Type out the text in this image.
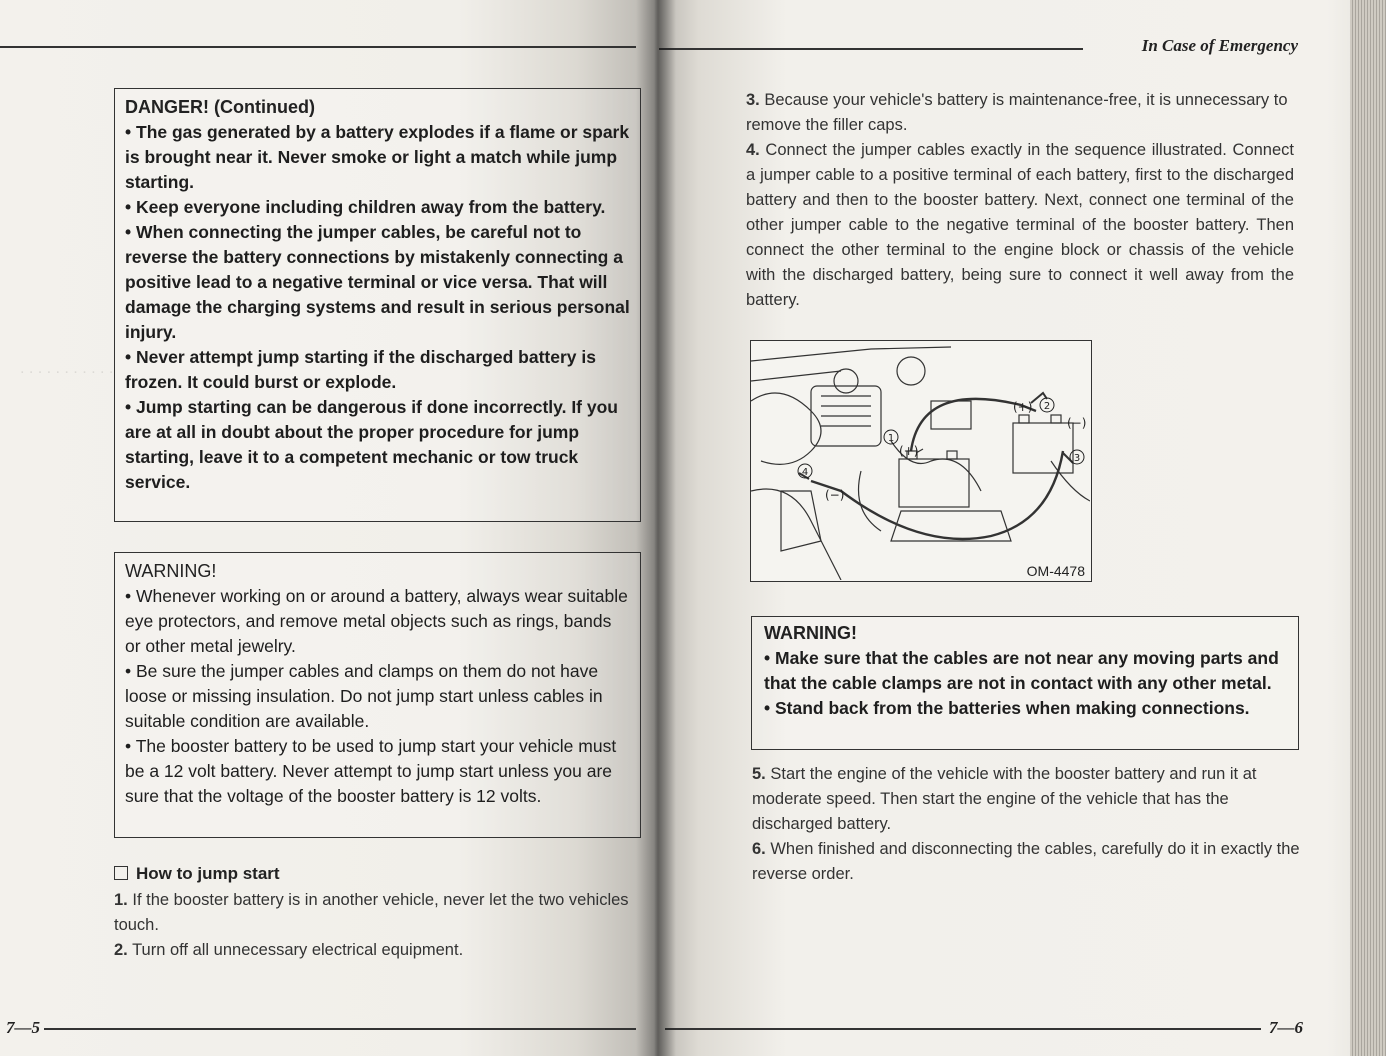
. . . . . . . . . . .
DANGER! (Continued)
• The gas generated by a battery explodes if a flame or spark is brought near it. Never smoke or light a match while jump starting.
• Keep everyone including children away from the battery.
• When connecting the jumper cables, be careful not to reverse the battery connections by mistakenly connecting a positive lead to a negative terminal or vice versa. That will damage the charging systems and result in serious personal injury.
• Never attempt jump starting if the discharged battery is frozen. It could burst or explode.
• Jump starting can be dangerous if done incorrectly. If you are at all in doubt about the proper procedure for jump starting, leave it to a competent mechanic or tow truck service.
WARNING!
• Whenever working on or around a battery, always wear suitable eye protectors, and remove metal objects such as rings, bands or other metal jewelry.
• Be sure the jumper cables and clamps on them do not have loose or missing insulation. Do not jump start unless cables in suitable condition are available.
• The booster battery to be used to jump start your vehicle must be a 12 volt battery. Never attempt to jump start unless you are sure that the voltage of the booster battery is 12 volts.
How to jump start
1. If the booster battery is in another vehicle, never let the two vehicles touch.
2. Turn off all unnecessary electrical equipment.
7—5
In Case of Emergency
3. Because your vehicle's battery is maintenance-free, it is unnecessary to remove the filler caps.
4. Connect the jumper cables exactly in the sequence illustrated. Connect a jumper cable to a positive terminal of each battery, first to the discharged battery and then to the booster battery. Next, connect one terminal of the other jumper cable to the negative terminal of the booster battery. Then connect the other terminal to the engine block or chassis of the vehicle with the discharged battery, being sure to connect it well away from the battery.
WARNING!
• Make sure that the cables are not near any moving parts and that the cable clamps are not in contact with any other metal.
• Stand back from the batteries when making connections.
5. Start the engine of the vehicle with the booster battery and run it at moderate speed. Then start the engine of the vehicle that has the discharged battery.
6. When finished and disconnecting the cables, carefully do it in exactly the reverse order.
7—6
(+)
(−)
(+)
(−)
2
3
1
4
OM-4478
